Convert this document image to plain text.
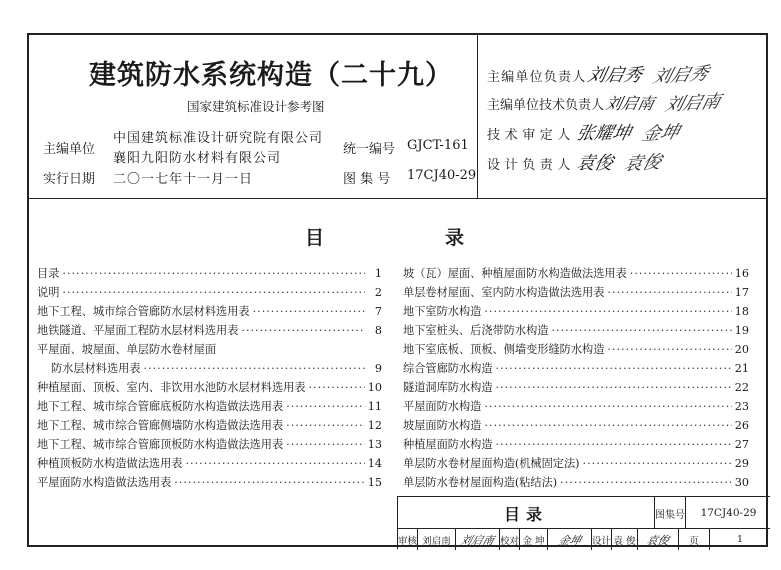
建筑防水系统构造（二十九）
国家建筑标准设计参考图
主编单位
中国建筑标准设计研究院有限公司
襄阳九阳防水材料有限公司
实行日期 二〇一七年十一月一日
统一编号 GJCT-161
图 集 号 17CJ40-29
主编单位负责人刘启秀 刘启秀
主编单位技术负责人刘启南 刘启南
技术审定人张耀坤 金坤
设计负责人袁俊 袁俊
目	录
目录 ·····	1
说明 ·····	2
地下工程、城市综合管廊防水层材料选用表 ·····	7
地铁隧道、平屋面工程防水层材料选用表 ·····	8
平屋面、坡屋面、单层防水卷材屋面
防水层材料选用表 ·····	9
种植屋面、顶板、室内、非饮用水池防水层材料选用表 ·····	10
地下工程、城市综合管廊底板防水构造做法选用表 ·····	11
地下工程、城市综合管廊侧墙防水构造做法选用表 ·····	12
地下工程、城市综合管廊顶板防水构造做法选用表 ·····	13
种植顶板防水构造做法选用表 ·····	14
平屋面防水构造做法选用表 ·····	15
坡（瓦）屋面、种植屋面防水构造做法选用表 ·····	16
单层卷材屋面、室内防水构造做法选用表 ·····	17
地下室防水构造 ·····	18
地下室桩头、后浇带防水构造 ·····	19
地下室底板、顶板、侧墙变形缝防水构造 ·····	20
综合管廊防水构造 ·····	21
隧道洞库防水构造 ·····	22
平屋面防水构造 ·····	23
坡屋面防水构造 ·····	26
种植屋面防水构造 ·····	27
单层防水卷材屋面构造(机械固定法) ·····	29
单层防水卷材屋面构造(粘结法) ·····	30
目录	图集号	17CJ40-29
审核 刘启南 刘启南 校对 金 坤	金坤 设计 袁 俊 袁俊	页	1
